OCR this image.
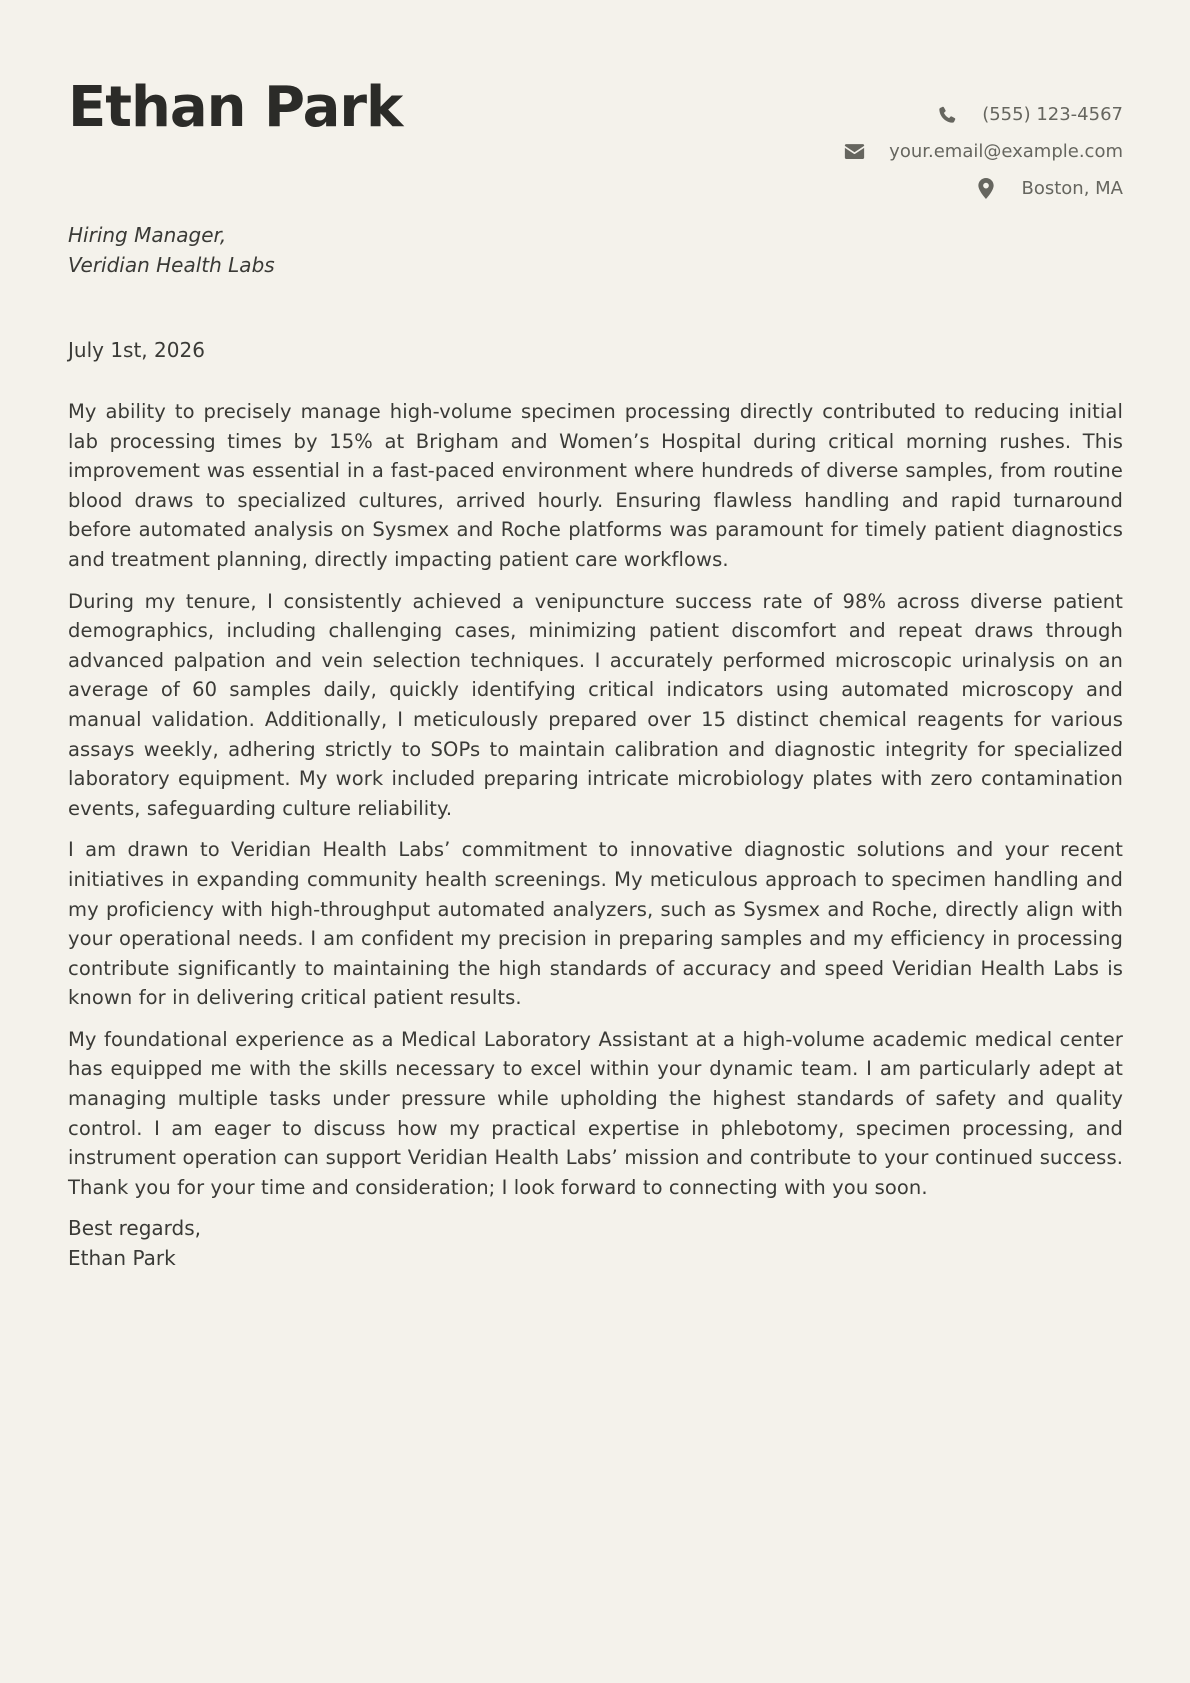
Ethan Park	(555) 123-4567
your.email@example.com
Boston, MA
Hiring Manager,
Veridian Health Labs
July 1st, 2026

My ability to precisely manage high-volume specimen processing directly contributed to reducing initial lab processing times by 15% at Brigham and Women’s Hospital during critical morning rushes. This improvement was essential in a fast-paced environment where hundreds of diverse samples, from routine blood draws to specialized cultures, arrived hourly. Ensuring flawless handling and rapid turnaround before automated analysis on Sysmex and Roche platforms was paramount for timely patient diagnostics and treatment planning, directly impacting patient care workflows.

During my tenure, I consistently achieved a venipuncture success rate of 98% across diverse patient demographics, including challenging cases, minimizing patient discomfort and repeat draws through advanced palpation and vein selection techniques. I accurately performed microscopic urinalysis on an average of 60 samples daily, quickly identifying critical indicators using automated microscopy and manual validation. Additionally, I meticulously prepared over 15 distinct chemical reagents for various assays weekly, adhering strictly to SOPs to maintain calibration and diagnostic integrity for specialized laboratory equipment. My work included preparing intricate microbiology plates with zero contamination events, safeguarding culture reliability.

I am drawn to Veridian Health Labs’ commitment to innovative diagnostic solutions and your recent initiatives in expanding community health screenings. My meticulous approach to specimen handling and my proficiency with high-throughput automated analyzers, such as Sysmex and Roche, directly align with your operational needs. I am confident my precision in preparing samples and my efficiency in processing contribute significantly to maintaining the high standards of accuracy and speed Veridian Health Labs is known for in delivering critical patient results.

My foundational experience as a Medical Laboratory Assistant at a high-volume academic medical center has equipped me with the skills necessary to excel within your dynamic team. I am particularly adept at managing multiple tasks under pressure while upholding the highest standards of safety and quality control. I am eager to discuss how my practical expertise in phlebotomy, specimen processing, and instrument operation can support Veridian Health Labs’ mission and contribute to your continued success. Thank you for your time and consideration; I look forward to connecting with you soon.

Best regards,
Ethan Park
